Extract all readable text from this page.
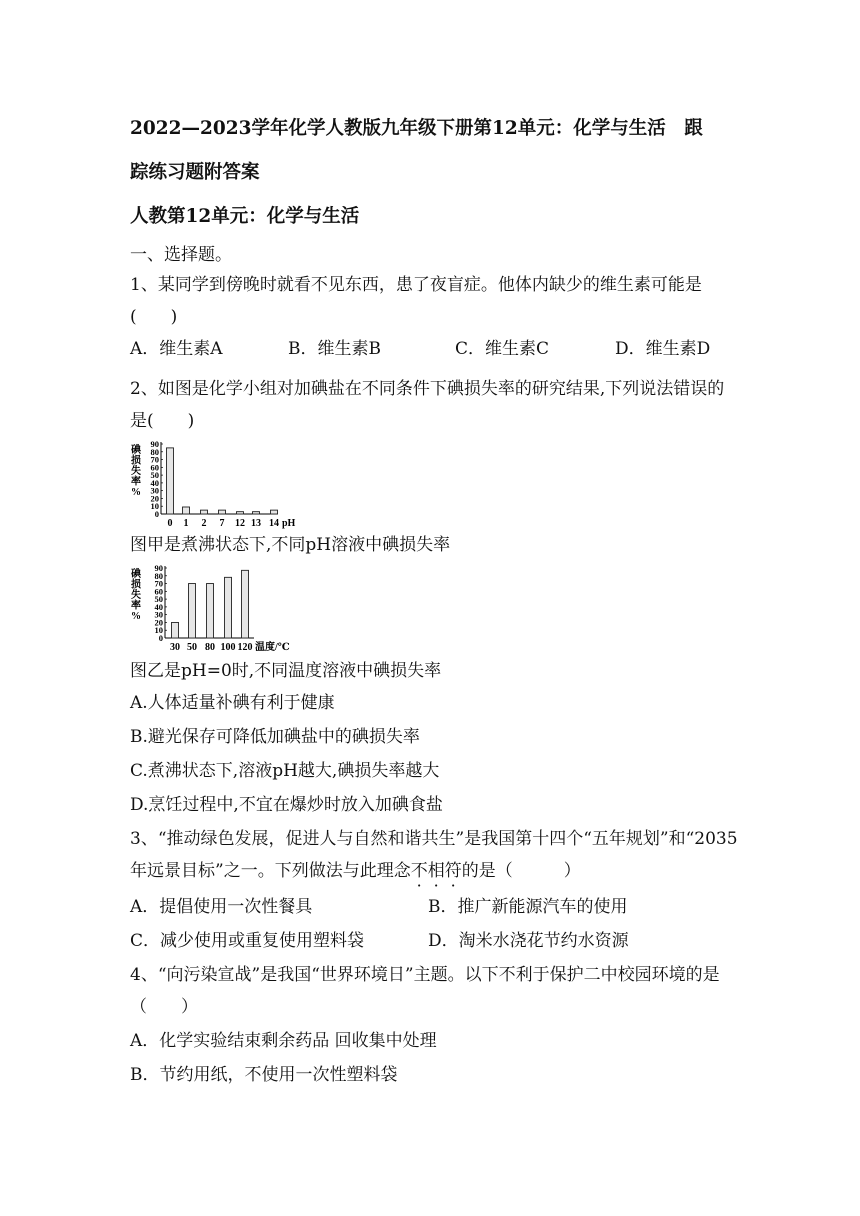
2022—2023学年化学人教版九年级下册第12单元：化学与生活　跟
踪练习题附答案
人教第12单元：化学与生活
一、选择题。
1、某同学到傍晚时就看不见东西，患了夜盲症。他体内缺少的维生素可能是
(　　)
A．维生素A	B．维生素B	C．维生素C	D．维生素D
2、如图是化学小组对加碘盐在不同条件下碘损失率的研究结果,下列说法错误的
是(　　)
碘
损
失
率
%
90
80
70
60
50
40
30
20
10
0
0 1 2 7 12 13 14 pH
图甲是煮沸状态下,不同pH溶液中碘损失率
碘
损
失
率
%
90
80
70
60
50
40
30
20
10
0
30 50 80 100 120 温度/℃
图乙是pH=0时,不同温度溶液中碘损失率
A.人体适量补碘有利于健康
B.避光保存可降低加碘盐中的碘损失率
C.煮沸状态下,溶液pH越大,碘损失率越大
D.烹饪过程中,不宜在爆炒时放入加碘食盐
3、“推动绿色发展，促进人与自然和谐共生”是我国第十四个“五年规划”和“2035
年远景目标”之一。下列做法与此理念不相符的是（　　　）
A．提倡使用一次性餐具	B．推广新能源汽车的使用
C．减少使用或重复使用塑料袋	D．淘米水浇花节约水资源
4、“向污染宣战”是我国“世界环境日”主题。以下不利于保护二中校园环境的是
（　　）
A．化学实验结束剩余药品 回收集中处理
B．节约用纸，不使用一次性塑料袋
